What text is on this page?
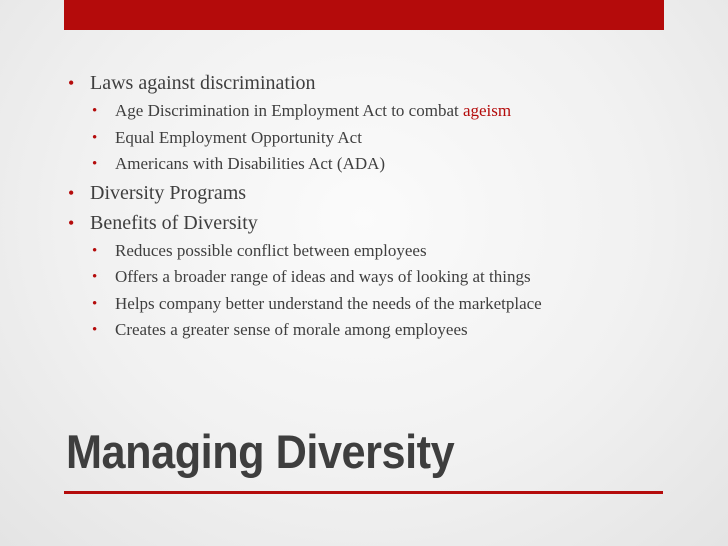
• Laws against discrimination
• Age Discrimination in Employment Act to combat ageism
• Equal Employment Opportunity Act
• Americans with Disabilities Act (ADA)
• Diversity Programs
• Benefits of Diversity
• Reduces possible conflict between employees
• Offers a broader range of ideas and ways of looking at things
• Helps company better understand the needs of the marketplace
• Creates a greater sense of morale among employees
Managing Diversity
